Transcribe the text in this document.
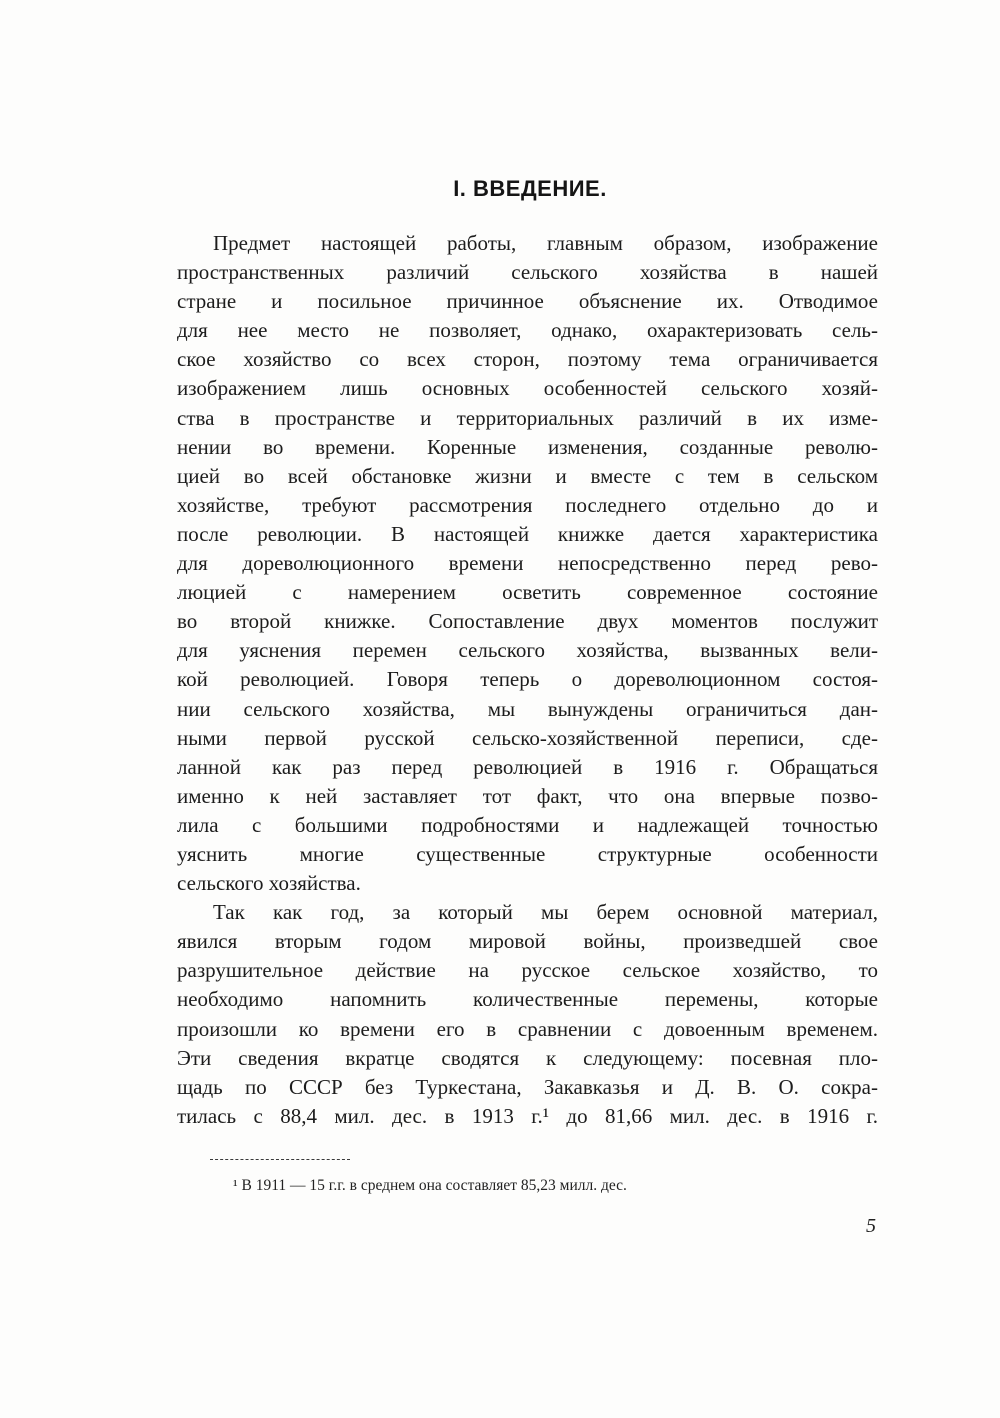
I. ВВЕДЕНИЕ.
Предмет настоящей работы, главным образом, изображение
пространственных различий сельского хозяйства в нашей
стране и посильное причинное объяснение их. Отводимое
для нее место не позволяет, однако, охарактеризовать сель-
ское хозяйство со всех сторон, поэтому тема ограничивается
изображением лишь основных особенностей сельского хозяй-
ства в пространстве и территориальных различий в их изме-
нении во времени. Коренные изменения, созданные револю-
цией во всей обстановке жизни и вместе с тем в сельском
хозяйстве, требуют рассмотрения последнего отдельно до и
после революции. В настоящей книжке дается характеристика
для дореволюционного времени непосредственно перед рево-
люцией с намерением осветить современное состояние
во второй книжке. Сопоставление двух моментов послужит
для уяснения перемен сельского хозяйства, вызванных вели-
кой революцией. Говоря теперь о дореволюционном состоя-
нии сельского хозяйства, мы вынуждены ограничиться дан-
ными первой русской сельско-хозяйственной переписи, сде-
ланной как раз перед революцией в 1916 г. Обращаться
именно к ней заставляет тот факт, что она впервые позво-
лила с большими подробностями и надлежащей точностью
уяснить многие существенные структурные особенности
сельского хозяйства.
Так как год, за который мы берем основной материал,
явился вторым годом мировой войны, произведшей свое
разрушительное действие на русское сельское хозяйство, то
необходимо напомнить количественные перемены, которые
произошли ко времени его в сравнении с довоенным временем.
Эти сведения вкратце сводятся к следующему: посевная пло-
щадь по СССР без Туркестана, Закавказья и Д. В. О. сокра-
тилась с 88,4 мил. дес. в 1913 г.¹ до 81,66 мил. дес. в 1916 г.
¹ В 1911 — 15 г.г. в среднем она составляет 85,23 милл. дес.
5
